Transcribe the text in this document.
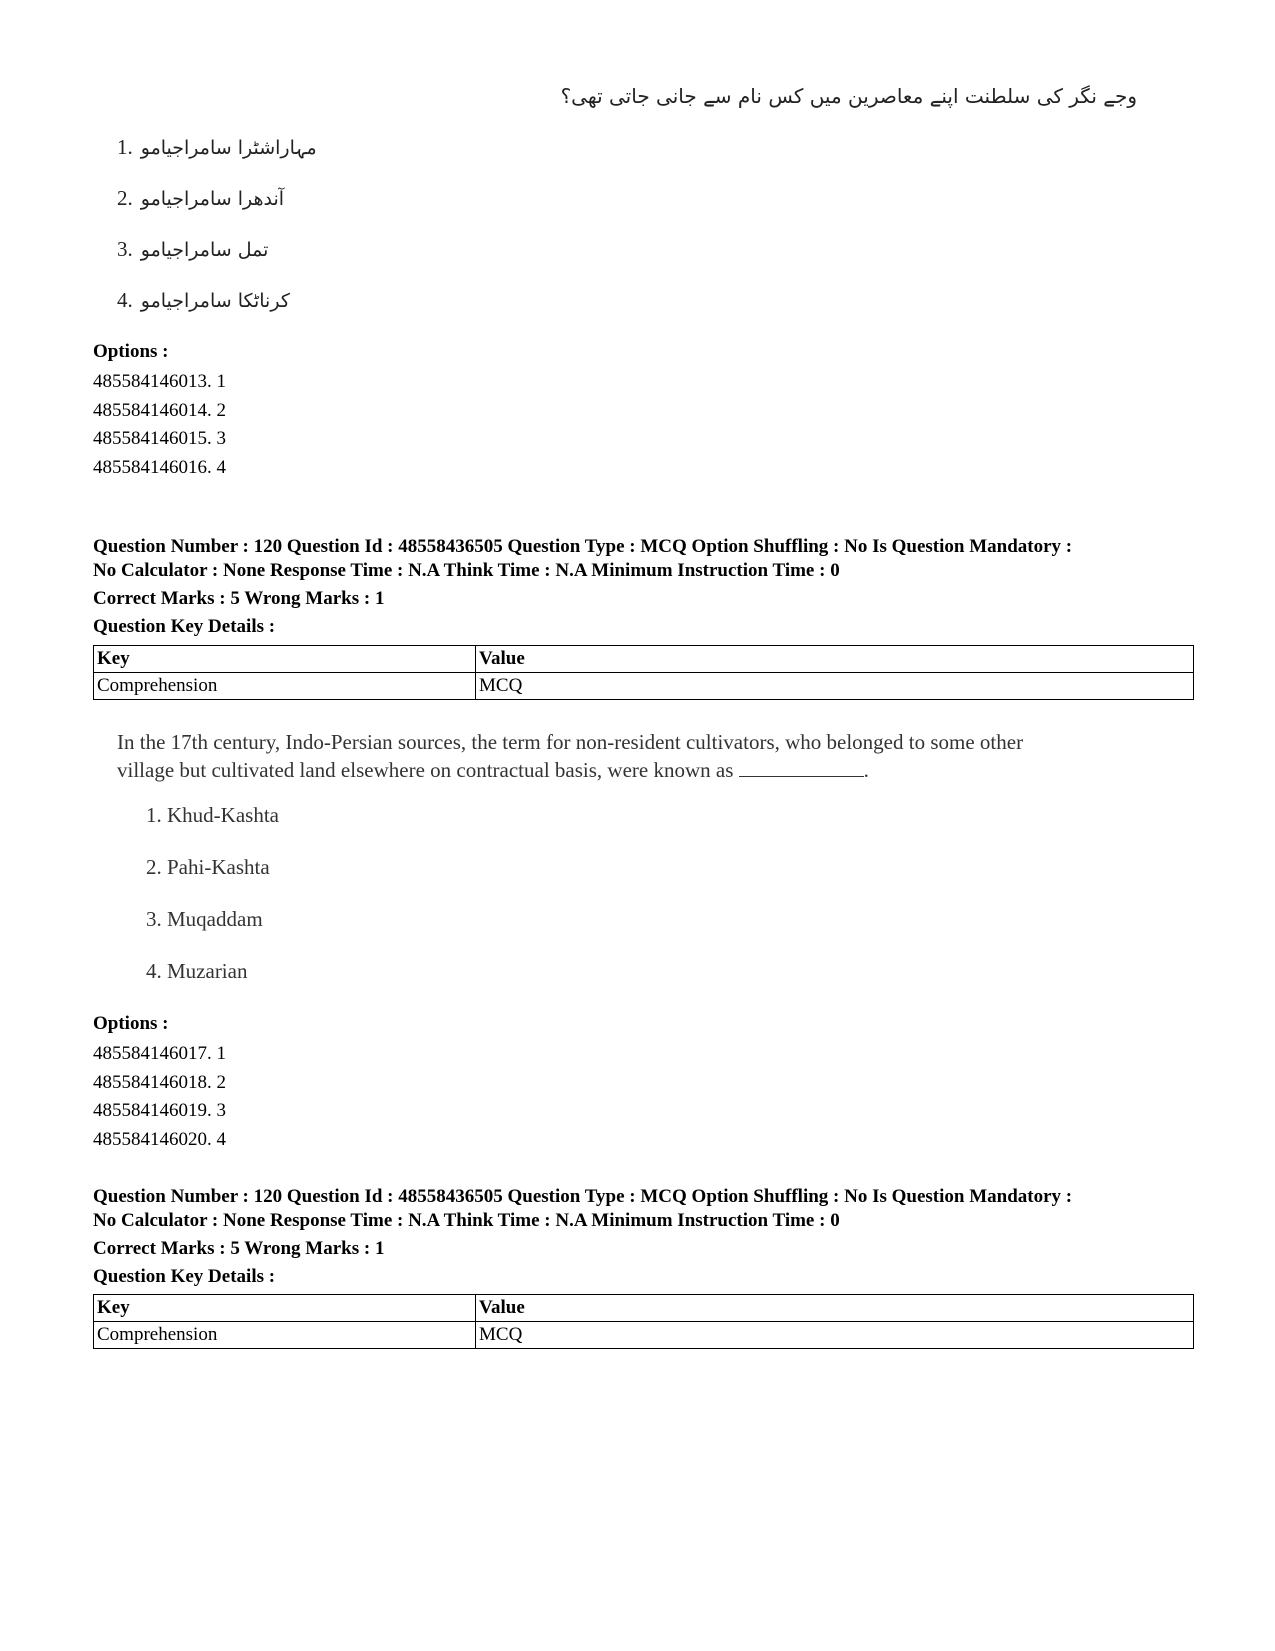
وجے نگر کی سلطنت اپنے معاصرین میں کس نام سے جانی جاتی تھی؟
1. مہاراشٹرا سامراجیامو
2. آندھرا سامراجیامو
3. تمل سامراجیامو
4. کرناٹکا سامراجیامو
Options :
485584146013. 1
485584146014. 2
485584146015. 3
485584146016. 4
Question Number : 120 Question Id : 48558436505 Question Type : MCQ Option Shuffling : No Is Question Mandatory :
No Calculator : None Response Time : N.A Think Time : N.A Minimum Instruction Time : 0
Correct Marks : 5 Wrong Marks : 1
Question Key Details :
Key	Value
Comprehension	MCQ
In the 17th century, Indo-Persian sources, the term for non-resident cultivators, who belonged to some other
village but cultivated land elsewhere on contractual basis, were known as	.
1. Khud-Kashta
2. Pahi-Kashta
3. Muqaddam
4. Muzarian
Options :
485584146017. 1
485584146018. 2
485584146019. 3
485584146020. 4
Question Number : 120 Question Id : 48558436505 Question Type : MCQ Option Shuffling : No Is Question Mandatory :
No Calculator : None Response Time : N.A Think Time : N.A Minimum Instruction Time : 0
Correct Marks : 5 Wrong Marks : 1
Question Key Details :
Key	Value
Comprehension	MCQ
